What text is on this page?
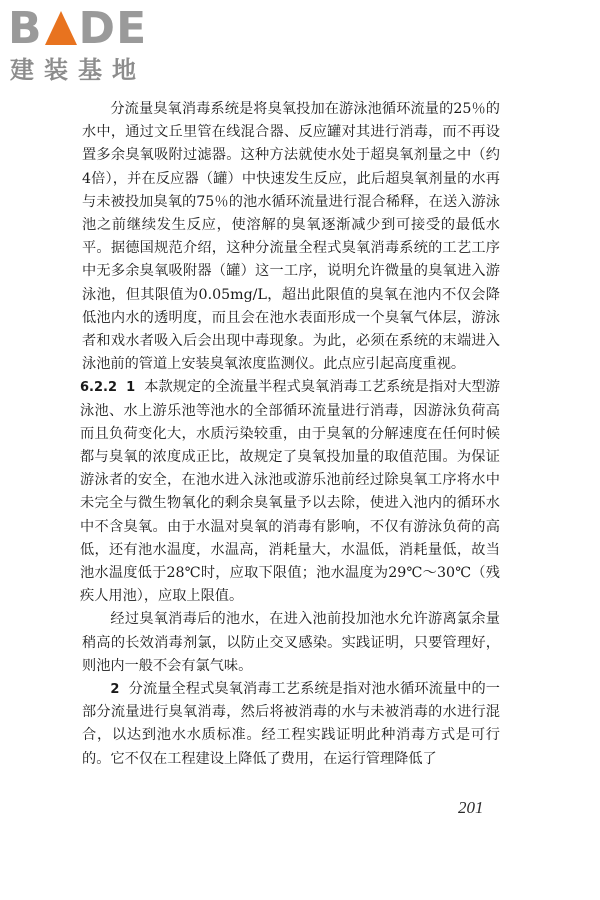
B DE
建装基地

分流量臭氧消毒系统是将臭氧投加在游泳池循环流量的25％的水中，通过文丘里管在线混合器、反应罐对其进行消毒，而不再设置多余臭氧吸附过滤器。这种方法就使水处于超臭氧剂量之中（约4倍），并在反应器（罐）中快速发生反应，此后超臭氧剂量的水再与未被投加臭氧的75％的池水循环流量进行混合稀释，在送入游泳池之前继续发生反应，使溶解的臭氧逐渐减少到可接受的最低水平。据德国规范介绍，这种分流量全程式臭氧消毒系统的工艺工序中无多余臭氧吸附器（罐）这一工序，说明允许微量的臭氧进入游泳池，但其限值为0.05mg/L，超出此限值的臭氧在池内不仅会降低池内水的透明度，而且会在池水表面形成一个臭氧气体层，游泳者和戏水者吸入后会出现中毒现象。为此，必须在系统的末端进入泳池前的管道上安装臭氧浓度监测仪。此点应引起高度重视。

6.2.2 1 本款规定的全流量半程式臭氧消毒工艺系统是指对大型游泳池、水上游乐池等池水的全部循环流量进行消毒，因游泳负荷高而且负荷变化大，水质污染较重，由于臭氧的分解速度在任何时候都与臭氧的浓度成正比，故规定了臭氧投加量的取值范围。为保证游泳者的安全，在池水进入泳池或游乐池前经过除臭氧工序将水中未完全与微生物氧化的剩余臭氧量予以去除，使进入池内的循环水中不含臭氧。由于水温对臭氧的消毒有影响，不仅有游泳负荷的高低，还有池水温度，水温高，消耗量大，水温低，消耗量低，故当池水温度低于28℃时，应取下限值；池水温度为29℃～30℃（残疾人用池），应取上限值。

经过臭氧消毒后的池水，在进入池前投加池水允许游离氯余量稍高的长效消毒剂氯，以防止交叉感染。实践证明，只要管理好，则池内一般不会有氯气味。

2 分流量全程式臭氧消毒工艺系统是指对池水循环流量中的一部分流量进行臭氧消毒，然后将被消毒的水与未被消毒的水进行混合，以达到池水水质标准。经工程实践证明此种消毒方式是可行的。它不仅在工程建设上降低了费用，在运行管理降低了

201
